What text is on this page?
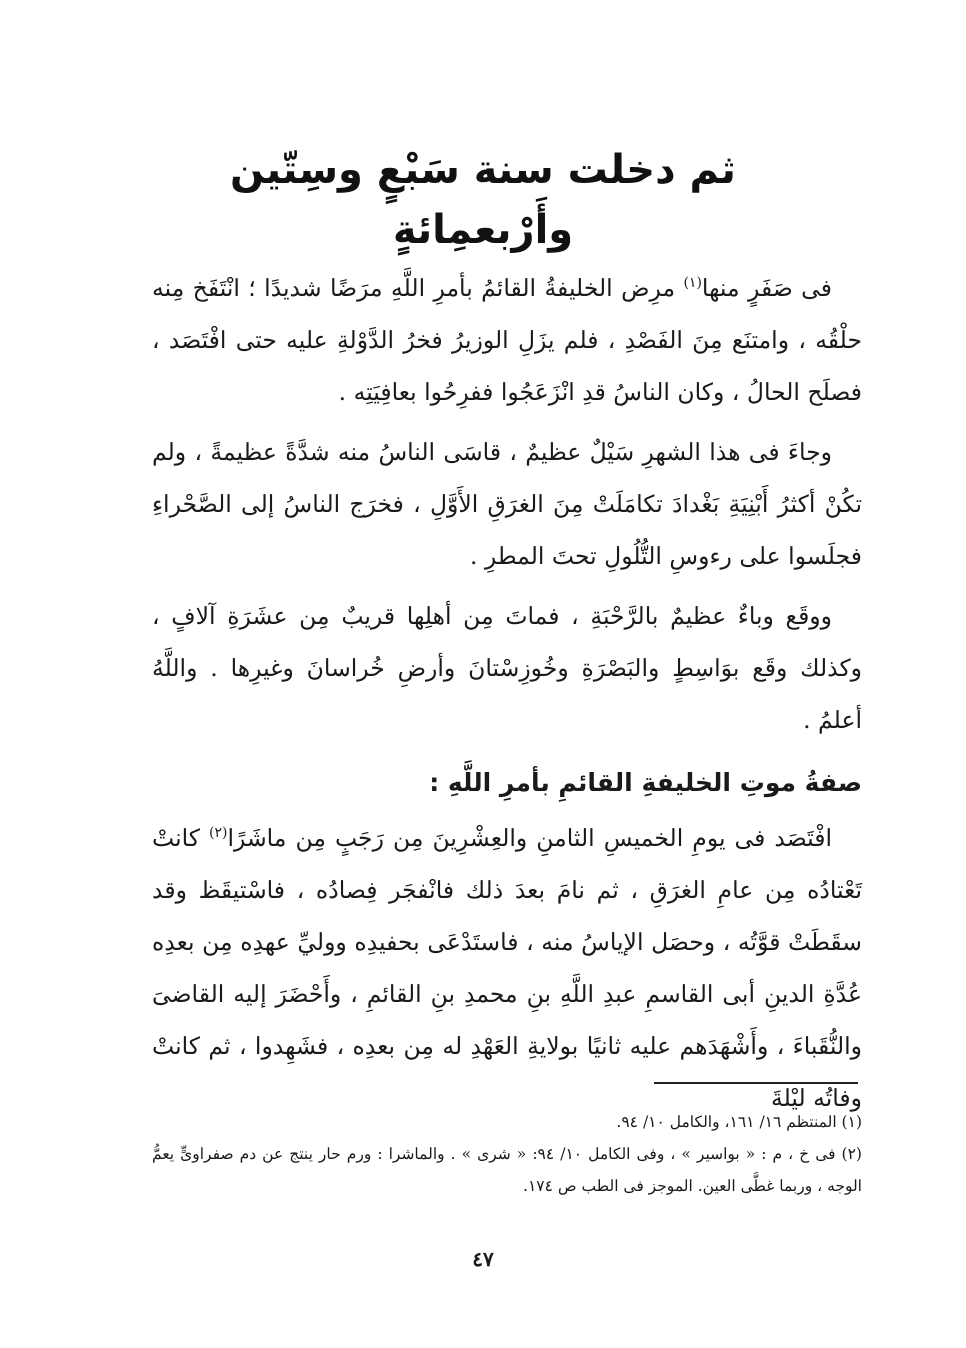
ثم دخلت سنة سَبْعٍ وسِتّين وأَرْبعمِائةٍ

فى صَفَرٍ منها$^{(١)}$ مرِض الخليفةُ القائمُ بأمرِ اللَّهِ مرَضًا شديدًا ؛ انْتَفَخ مِنه حلْقُه ، وامتنَع مِنَ الفَصْدِ ، فلم يزَلِ الوزيرُ فخرُ الدَّوْلةِ عليه حتى افْتَصَد ، فصلَح الحالُ ، وكان الناسُ قدِ انْزَعَجُوا ففرِحُوا بعافِيَتِه .

وجاءَ فى هذا الشهرِ سَيْلٌ عظيمٌ ، قاسَى الناسُ منه شدَّةً عظيمةً ، ولم تكُنْ أكثرُ أَبْنِيَةِ بَغْدادَ تكامَلَتْ مِنَ الغرَقِ الأَوَّلِ ، فخرَج الناسُ إلى الصَّحْراءِ فجلَسوا على رءوسِ التُّلُولِ تحتَ المطرِ .

ووقَع وباءٌ عظيمٌ بالرَّحْبَةِ ، فماتَ مِن أهلِها قريبٌ مِن عشَرَةِ آلافٍ ، وكذلك وقَع بوَاسِطٍ والبَصْرَةِ وخُوزِسْتانَ وأرضِ خُراسانَ وغيرِها . واللَّهُ أعلمُ .

صفةُ موتِ الخليفةِ القائمِ بأمرِ اللَّهِ :

افْتَصَد فى يومِ الخميسِ الثامنِ والعِشْرِينَ مِن رَجَبٍ مِن ماشَرًا$^{(٢)}$ كانتْ تَعْتادُه مِن عامِ الغرَقِ ، ثم نامَ بعدَ ذلك فانْفجَر فِصادُه ، فاسْتيقَظ وقد سقَطَتْ قوَّتُه ، وحصَل الإياسُ منه ، فاستَدْعَى بحفيدِه ووليِّ عهدِه مِن بعدِه عُدَّةِ الدينِ أبى القاسمِ عبدِ اللَّهِ بنِ محمدِ بنِ القائمِ ، وأَحْضَرَ إليه القاضىَ والنُّقَباءَ ، وأَشْهَدَهم عليه ثانيًا بولايةِ العَهْدِ له مِن بعدِه ، فشَهِدوا ، ثم كانتْ وفاتُه ليْلةَ

(١) المنتظم ١٦/ ١٦١، والكامل ١٠/ ٩٤.

(٢) فى خ ، م : « بواسير » ، وفى الكامل ١٠/ ٩٤: « شرى » . والماشرا : ورم حار ينتج عن دم صفراوىٍّ يعمُّ الوجه ، وربما غطَّى العين. الموجز فى الطب ص ١٧٤.

٤٧
